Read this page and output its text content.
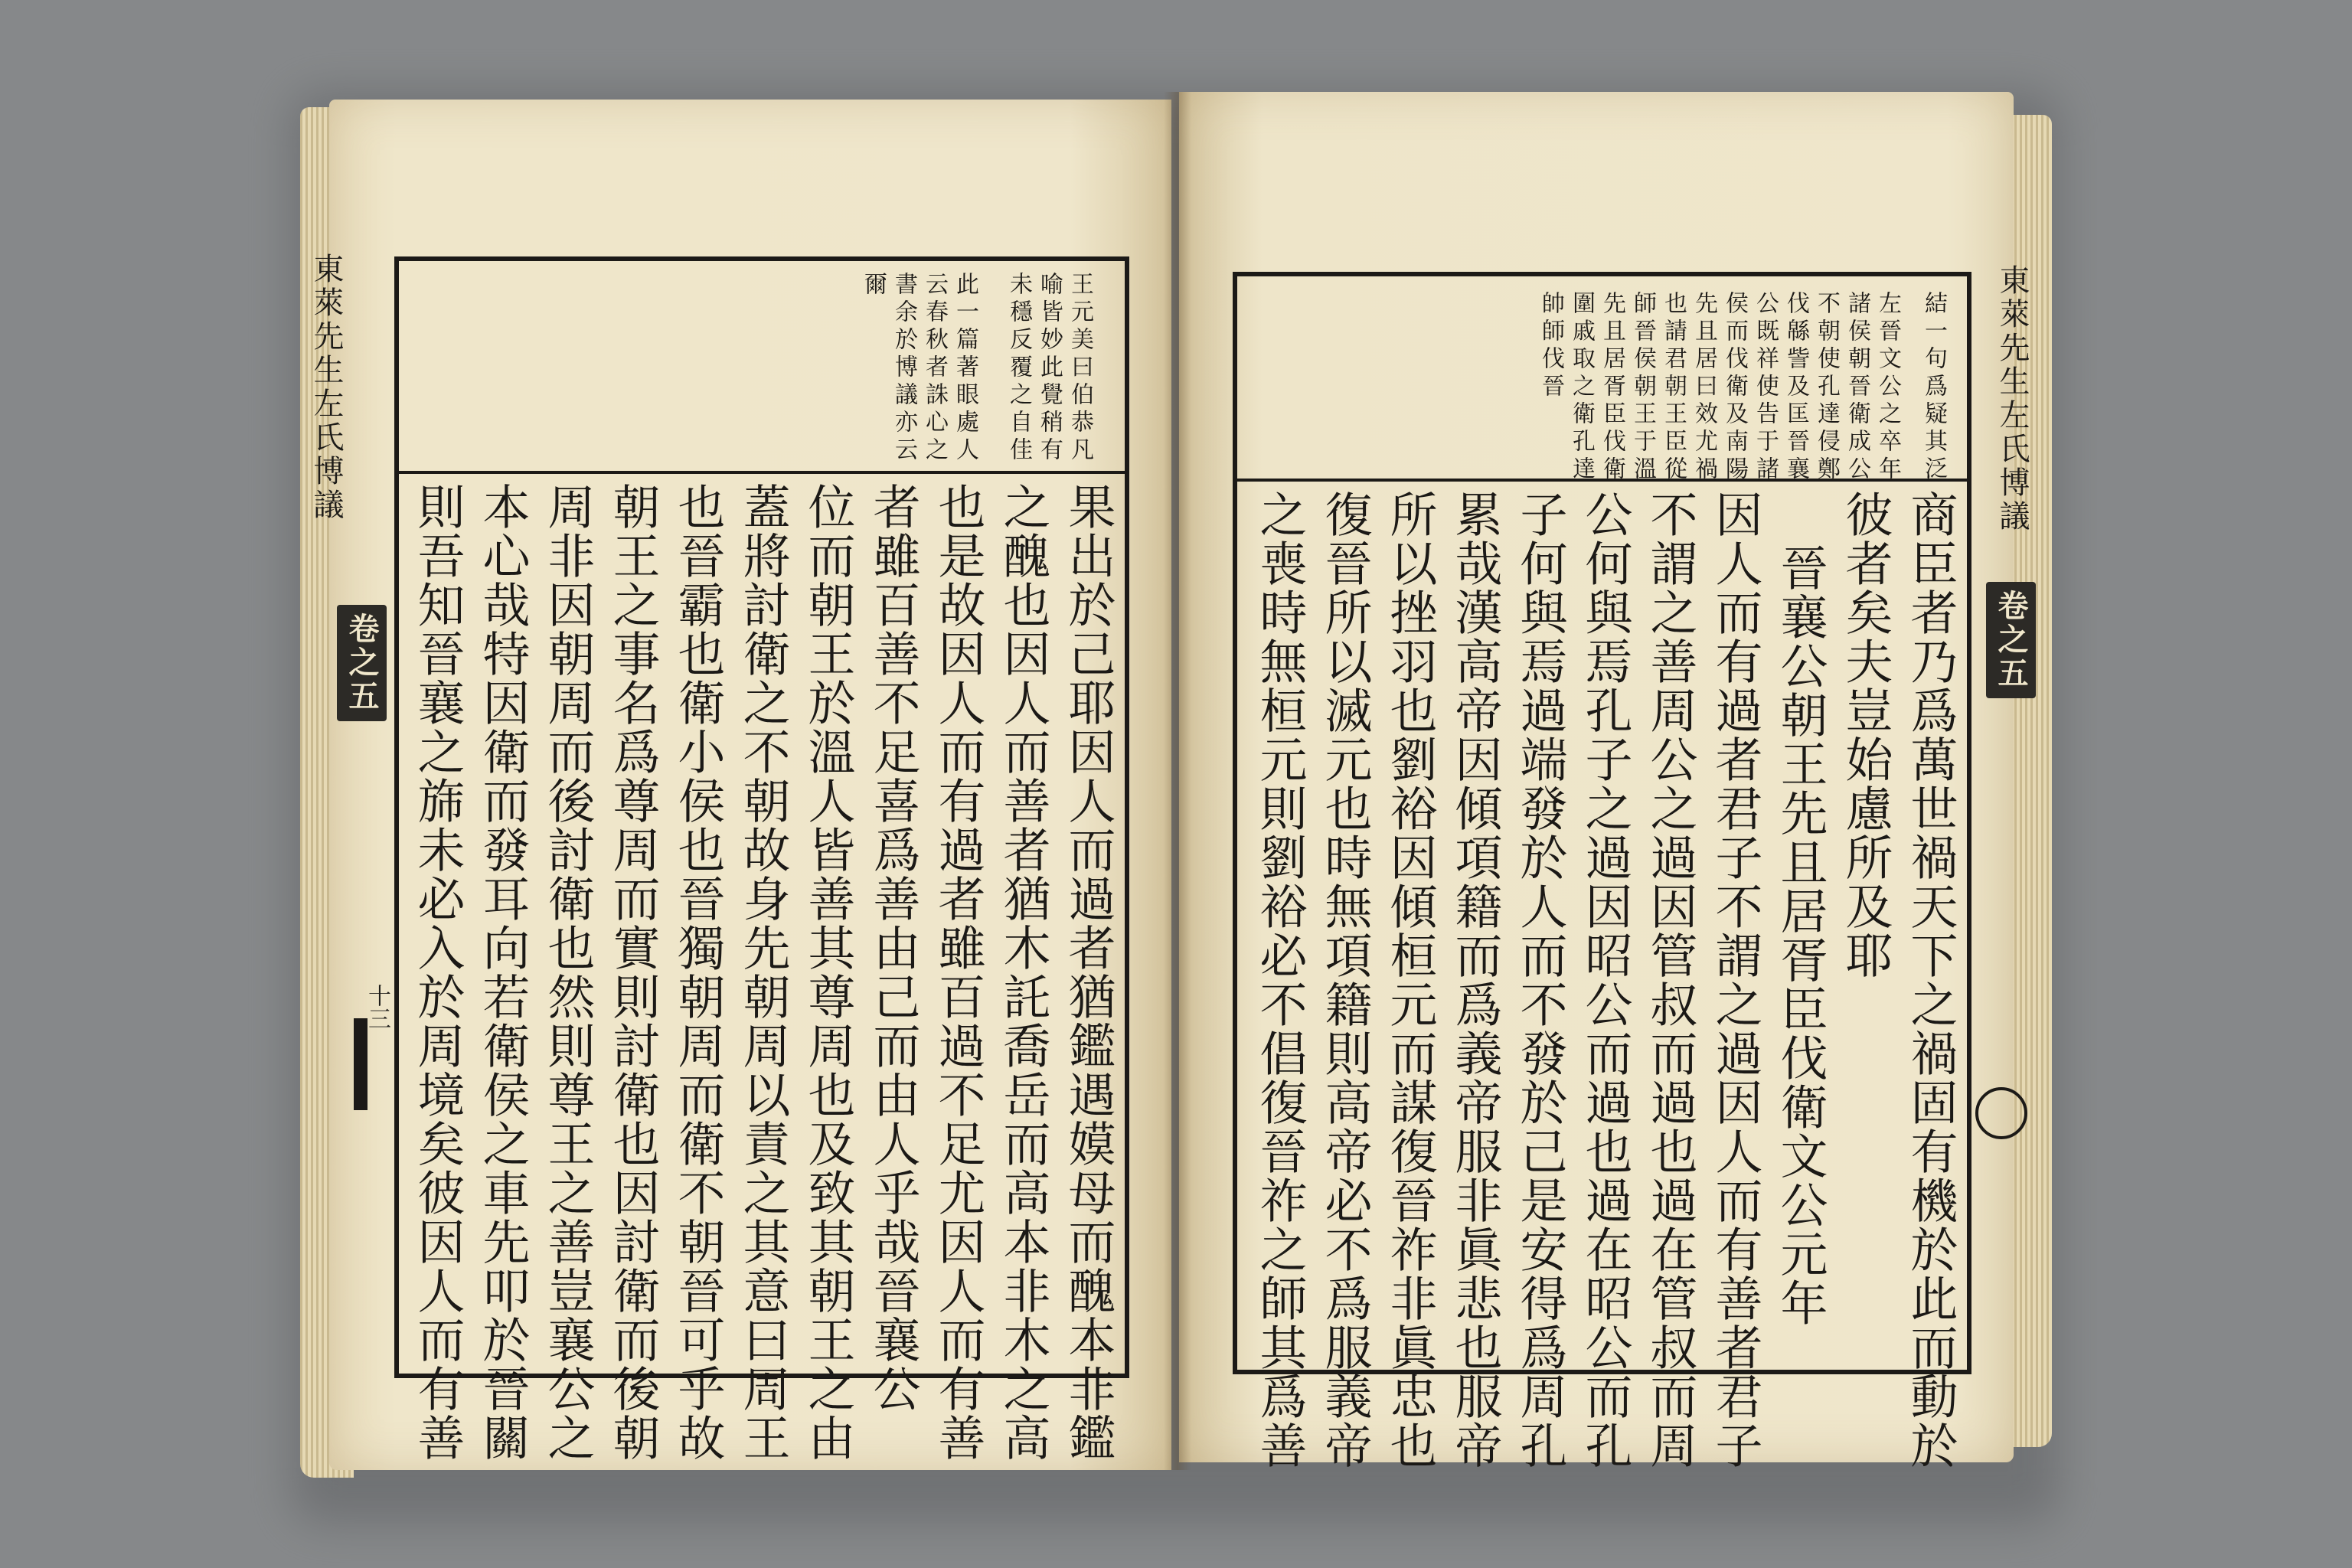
東萊先生左氏博議
卷之五
十三
東萊先生左氏博議
卷之五
王元美曰伯恭凡
喻皆妙此覺稍有
未穩反覆之自佳
此一篇著眼處人
云春秋者誅心之
書余於博議亦云
爾
果出於己耶因人而過者猶鑑遇嫫母而醜本非鑑
之醜也因人而善者猶木託喬岳而高本非木之高
也是故因人而有過者雖百過不足尤因人而有善
者雖百善不足喜爲善由己而由人乎哉晉襄公
位而朝王於溫人皆善其尊周也及致其朝王之由
蓋將討衛之不朝故身先朝周以責之其意曰周王
也晉霸也衛小侯也晉獨朝周而衛不朝晉可乎故
朝王之事名爲尊周而實則討衛也因討衛而後朝
周非因朝周而後討衛也然則尊王之善豈襄公之
本心哉特因衛而發耳向若衛侯之車先叩於晉關
則吾知晉襄之旆未必入於周境矣彼因人而有善
結一句爲疑其泛
左晉文公之卒年
諸侯朝晉衛成公
不朝使孔達侵鄭
伐緜訾及匡晉襄
公既祥使告于諸
侯而伐衛及南陽
先且居曰效尤禍
也請君朝王臣從
師晉侯朝王于溫
先且居胥臣伐衛
圍戚取之衛孔達
帥師伐晉
商臣者乃爲萬世禍天下之禍固有機於此而動於
彼者矣夫豈始慮所及耶
晉襄公朝王先且居胥臣伐衛文公元年
因人而有過者君子不謂之過因人而有善者君子
不謂之善周公之過因管叔而過也過在管叔而周
公何與焉孔子之過因昭公而過也過在昭公而孔
子何與焉過端發於人而不發於己是安得爲周孔
累哉漢高帝因傾項籍而爲義帝服非眞悲也服帝
所以挫羽也劉裕因傾桓元而謀復晉祚非眞忠也
復晉所以滅元也時無項籍則高帝必不爲服義帝
之喪時無桓元則劉裕必不倡復晉祚之師其爲善
